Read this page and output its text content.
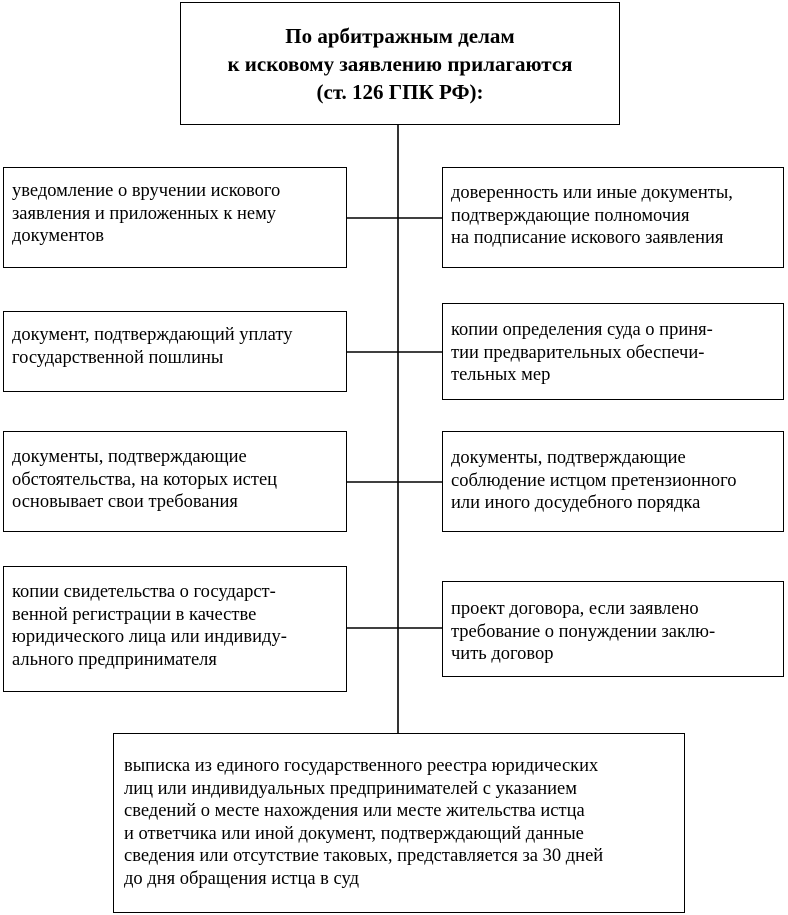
По арбитражным делам
к исковому заявлению прилагаются
(ст. 126 ГПК РФ):

уведомление о вручении искового
заявления и приложенных к нему
документов

документ, подтверждающий уплату
государственной пошлины

документы, подтверждающие
обстоятельства, на которых истец
основывает свои требования

копии свидетельства о государст-
венной регистрации в качестве
юридического лица или индивиду-
ального предпринимателя

доверенность или иные документы,
подтверждающие полномочия
на подписание искового заявления

копии определения суда о приня-
тии предварительных обеспечи-
тельных мер

документы, подтверждающие
соблюдение истцом претензионного
или иного досудебного порядка

проект договора, если заявлено
требование о понуждении заклю-
чить договор

выписка из единого государственного реестра юридических
лиц или индивидуальных предпринимателей с указанием
сведений о месте нахождения или месте жительства истца
и ответчика или иной документ, подтверждающий данные
сведения или отсутствие таковых, представляется за 30 дней
до дня обращения истца в суд
